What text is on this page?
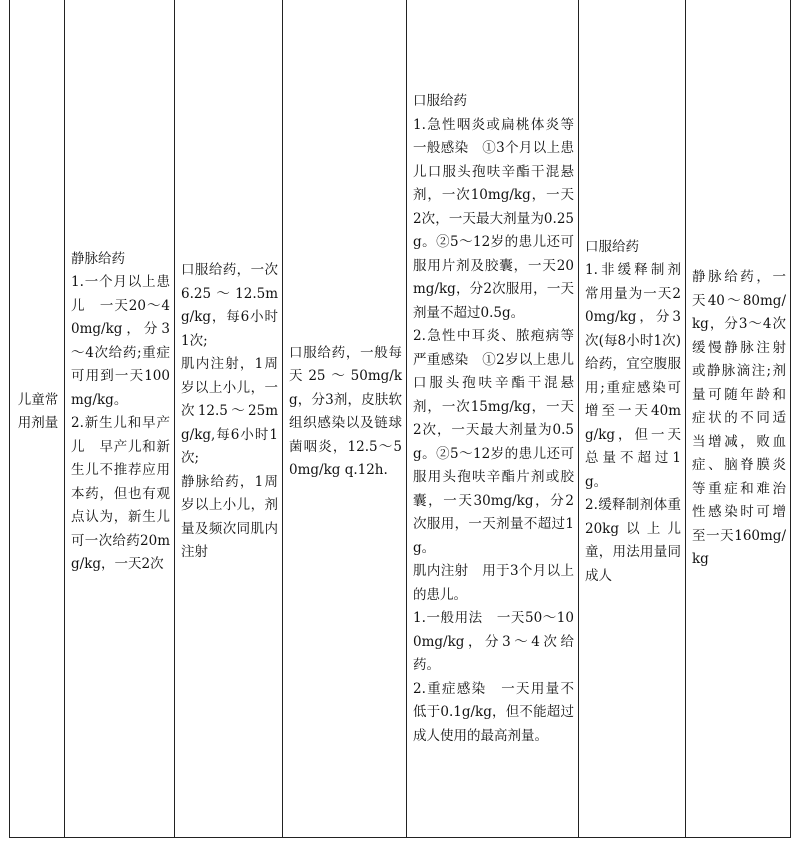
儿童常用剂量

静脉给药
1.一个月以上患儿　一天20～40mg/kg，分3～4次给药;重症可用到一天100mg/kg。
2.新生儿和早产儿　早产儿和新生儿不推荐应用本药，但也有观点认为，新生儿可一次给药20mg/kg，一天2次

口服给药，一次6.25～12.5mg/kg，每6小时1次;
肌内注射，1周岁以上小儿，一次12.5～25mg/kg,每6小时1次;
静脉给药，1周岁以上小儿，剂量及频次同肌内注射

口服给药，一般每天25～50mg/kg，分3剂，皮肤软组织感染以及链球菌咽炎，12.5～50mg/kg q.12h.

口服给药
1.急性咽炎或扁桃体炎等一般感染　①3个月以上患儿口服头孢呋辛酯干混悬剂，一次10mg/kg，一天2次，一天最大剂量为0.25g。②5～12岁的患儿还可服用片剂及胶囊，一天20mg/kg，分2次服用，一天剂量不超过0.5g。
2.急性中耳炎、脓疱病等严重感染　①2岁以上患儿口服头孢呋辛酯干混悬剂，一次15mg/kg，一天2次，一天最大剂量为0.5g。②5～12岁的患儿还可服用头孢呋辛酯片剂或胶囊，一天30mg/kg，分2次服用，一天剂量不超过1g。
肌内注射　用于3个月以上的患儿。
1.一般用法　一天50～100mg/kg，分3～4次给药。
2.重症感染　一天用量不低于0.1g/kg，但不能超过成人使用的最高剂量。

口服给药
1.非缓释制剂　常用量为一天20mg/kg，分3次(每8小时1次)给药，宜空腹服用;重症感染可增至一天40mg/kg，但一天总量不超过1g。
2.缓释制剂体重20kg以上儿童，用法用量同成人

静脉给药，一天40～80mg/kg，分3～4次缓慢静脉注射或静脉滴注;剂量可随年龄和症状的不同适当增减，败血症、脑脊膜炎等重症和难治性感染时可增至一天160mg/kg
